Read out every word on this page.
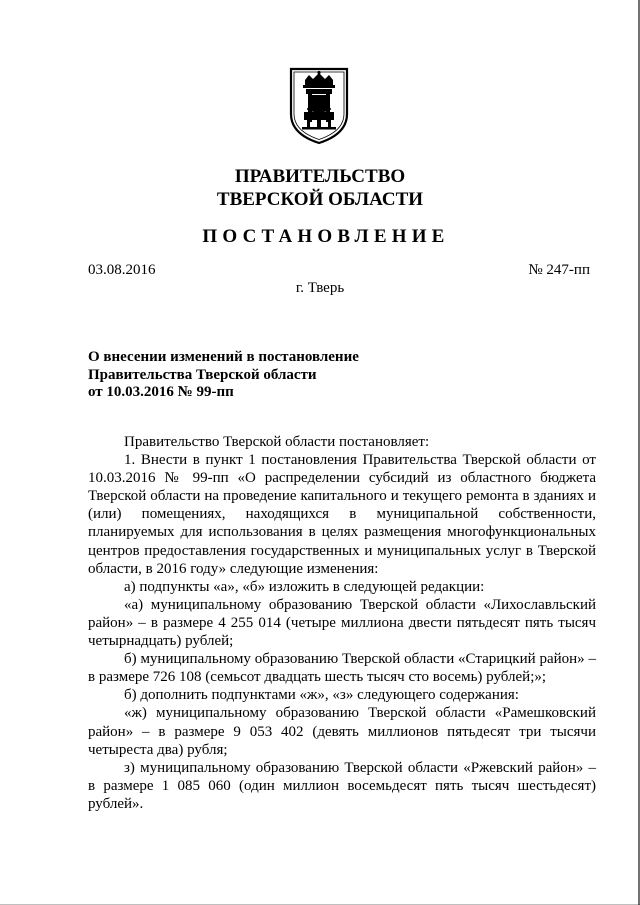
ПРАВИТЕЛЬСТВО
ТВЕРСКОЙ ОБЛАСТИ
ПОСТАНОВЛЕНИЕ
03.08.2016	№ 247-пп
г. Тверь
О внесении изменений в постановление
Правительства Тверской области
от 10.03.2016 № 99-пп

Правительство Тверской области постановляет:

1. Внести в пункт 1 постановления Правительства Тверской области от 10.03.2016 № 99-пп «О распределении субсидий из областного бюджета Тверской области на проведение капитального и текущего ремонта в зданиях и (или) помещениях, находящихся в муниципальной собственности, планируемых для использования в целях размещения многофункциональных центров предоставления государственных и муниципальных услуг в Тверской области, в 2016 году» следующие изменения:

а) подпункты «а», «б» изложить в следующей редакции:

«а) муниципальному образованию Тверской области «Лихославльский район» – в размере 4 255 014 (четыре миллиона двести пятьдесят пять тысяч четырнадцать) рублей;

б) муниципальному образованию Тверской области «Старицкий район» – в размере 726 108 (семьсот двадцать шесть тысяч сто восемь) рублей;»;

б) дополнить подпунктами «ж», «з» следующего содержания:

«ж) муниципальному образованию Тверской области «Рамешковский район» – в размере 9 053 402 (девять миллионов пятьдесят три тысячи четыреста два) рубля;

з) муниципальному образованию Тверской области «Ржевский район» – в размере 1 085 060 (один миллион восемьдесят пять тысяч шестьдесят) рублей».
